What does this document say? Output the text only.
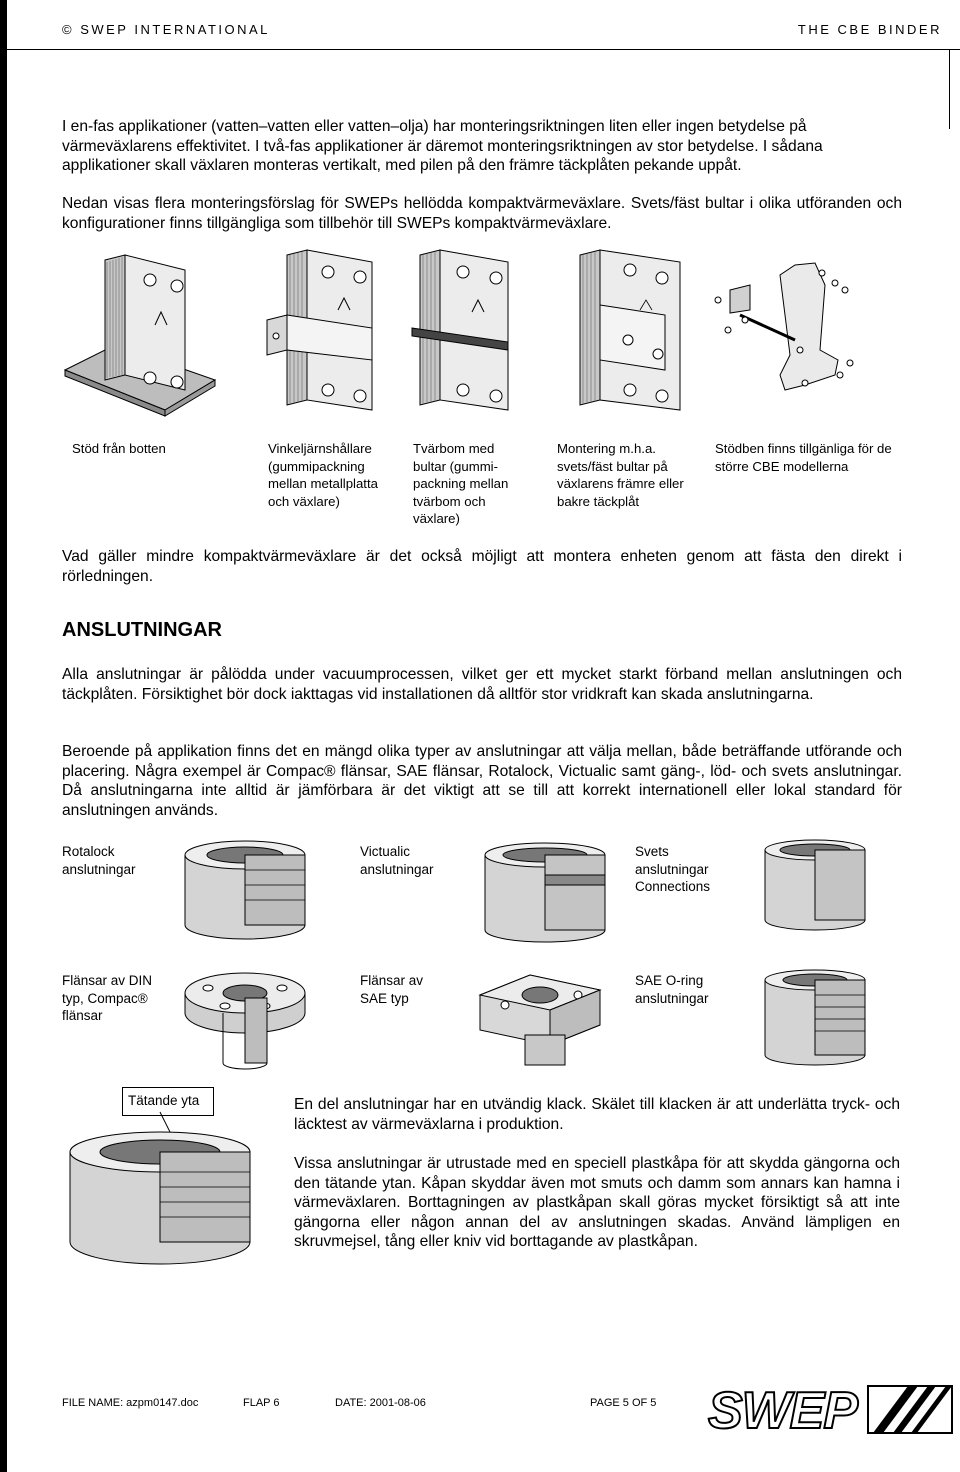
© SWEP INTERNATIONAL	THE CBE BINDER
I en-fas applikationer (vatten–vatten eller vatten–olja) har monteringsriktningen liten eller ingen betydelse på värmeväxlarens effektivitet. I två-fas applikationer är däremot monteringsriktningen av stor betydelse. I sådana applikationer skall växlaren monteras vertikalt, med pilen på den främre täckplåten pekande uppåt.
Nedan visas flera monteringsförslag för SWEPs hellödda kompaktvärmeväxlare. Svets/fäst bultar i olika utföranden och konfigurationer finns tillgängliga som tillbehör till SWEPs kompaktvärmeväxlare.
Stöd från botten	Vinkeljärnshållare (gummipackning mellan metallplatta och växlare)
Tvärbom med bultar (gummi-packning mellan tvärbom och växlare)
Montering m.h.a. svets/fäst bultar på växlarens främre eller bakre täckplåt
Stödben finns tillgänliga för de större CBE modellerna
Vad gäller mindre kompaktvärmeväxlare är det också möjligt att montera enheten genom att fästa den direkt i rörledningen.
ANSLUTNINGAR
Alla anslutningar är pålödda under vacuumprocessen, vilket ger ett mycket starkt förband mellan anslutningen och täckplåten. Försiktighet bör dock iakttagas vid installationen då alltför stor vridkraft kan skada anslutningarna.
Beroende på applikation finns det en mängd olika typer av anslutningar att välja mellan, både beträffande utförande och placering. Några exempel är Compac® flänsar, SAE flänsar, Rotalock, Victualic samt gäng-, löd- och svets anslutningar. Då anslutningarna inte alltid är jämförbara är det viktigt att se till att korrekt internationell eller lokal standard för anslutningen används.
Rotalock anslutningar
Victualic anslutningar
Svets anslutningar Connections
Flänsar av DIN typ, Compac® flänsar
Flänsar av SAE typ
SAE O-ring anslutningar
Tätande yta	En del anslutningar har en utvändig klack. Skälet till klacken är att underlätta tryck- och läcktest av värmeväxlarna i produktion.
Vissa anslutningar är utrustade med en speciell plastkåpa för att skydda gängorna och den tätande ytan. Kåpan skyddar även mot smuts och damm som annars kan hamna i värmeväxlaren. Borttagningen av plastkåpan skall göras mycket försiktigt så att inte gängorna eller någon annan del av anslutningen skadas. Använd lämpligen en skruvmejsel, tång eller kniv vid borttagande av plastkåpan.
FILE NAME: azpm0147.doc	FLAP 6	DATE: 2001-08-06	PAGE 5 OF 5 SWEP
